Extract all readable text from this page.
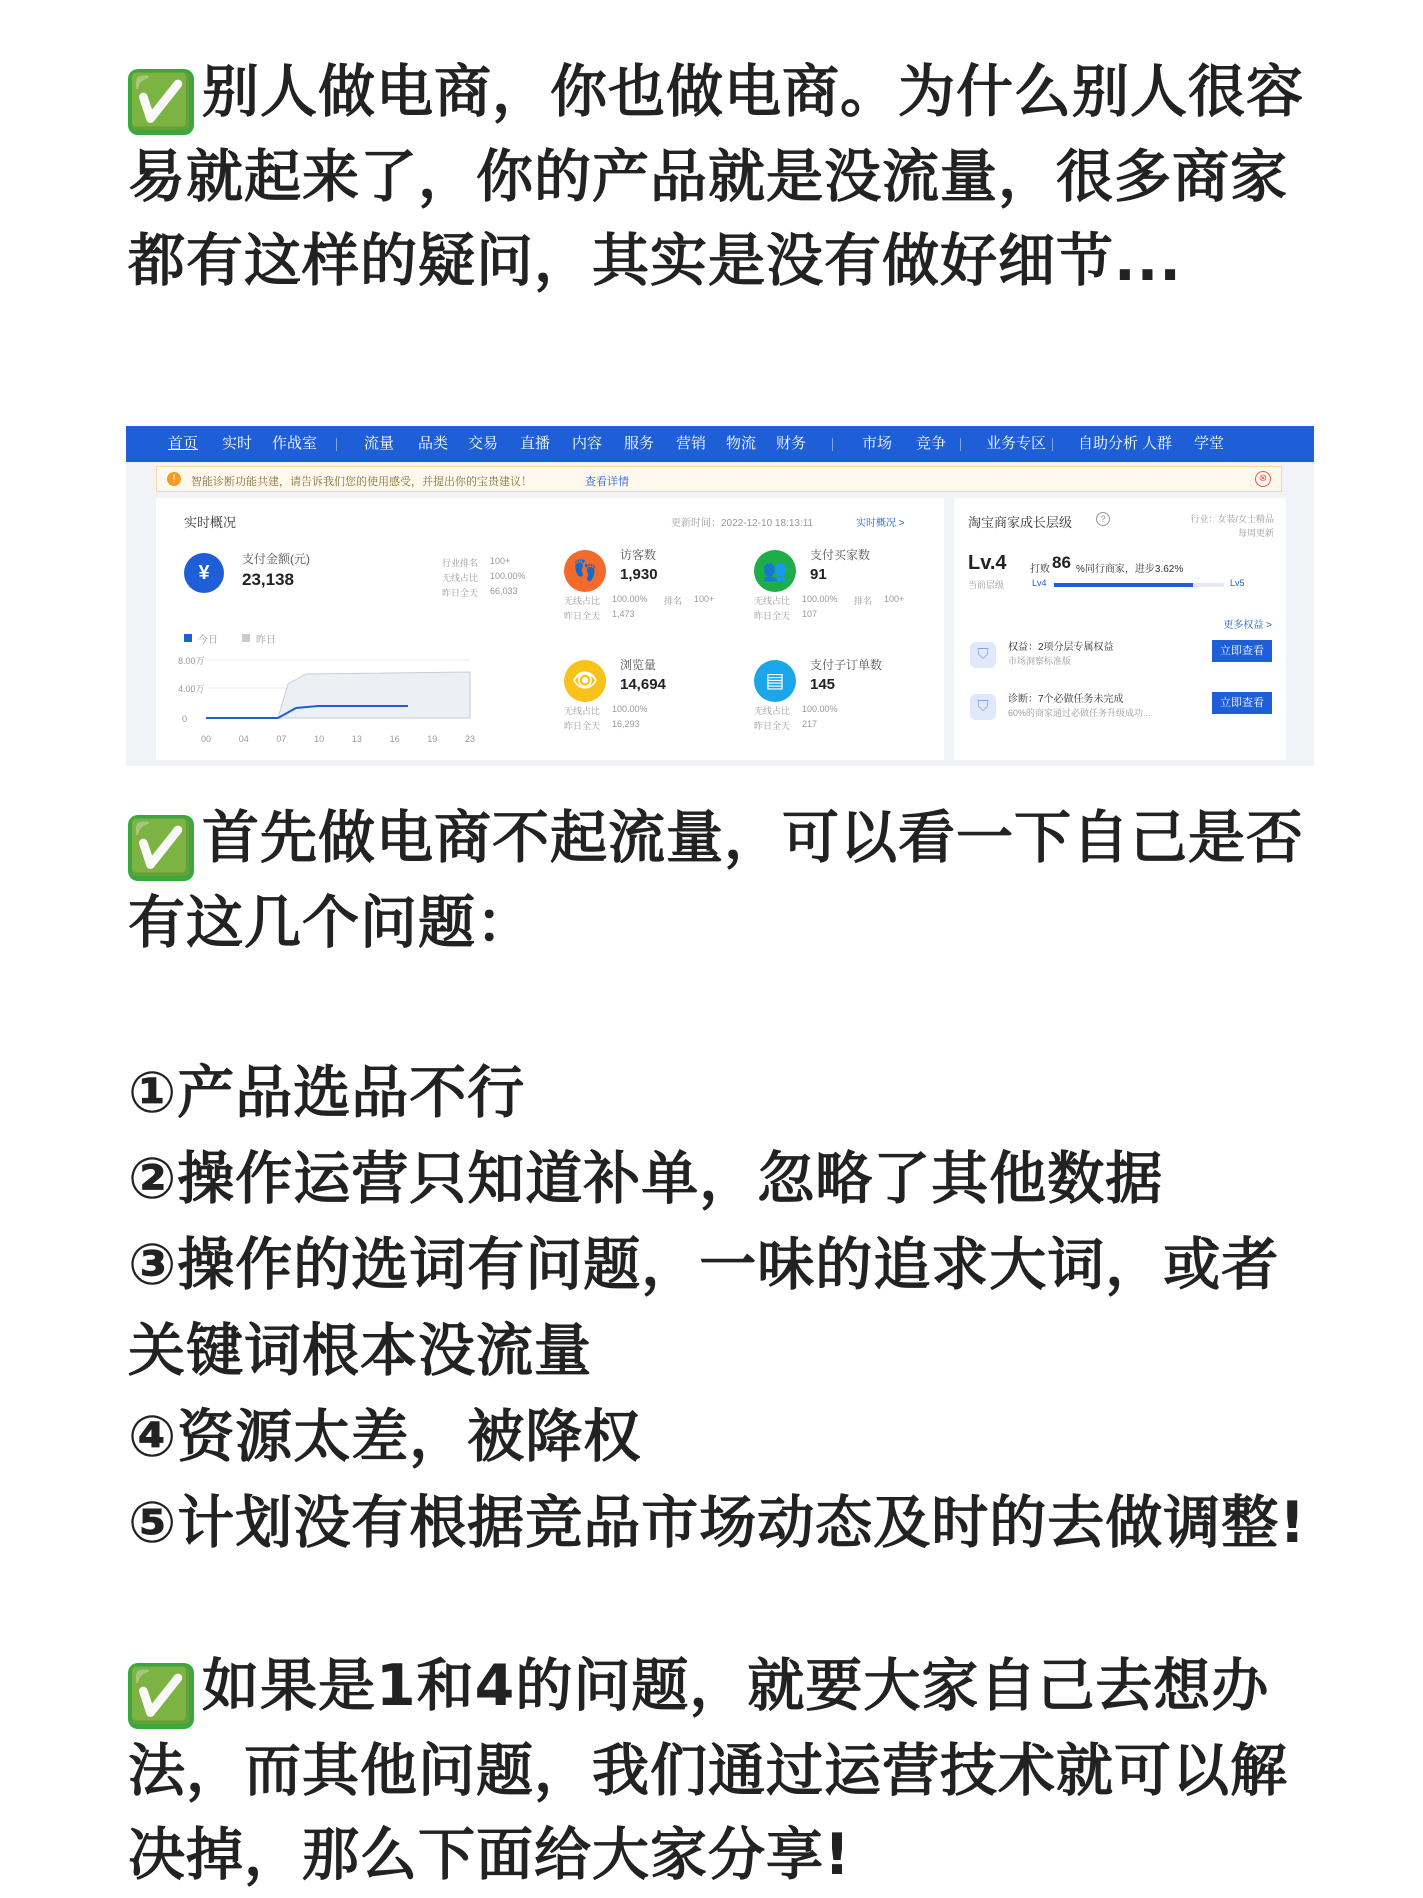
✅ 别人做电商，你也做电商。为什么别人很容易就起来了，你的产品就是没流量，很多商家都有这样的疑问，其实是没有做好细节...

首页 实时 作战室	流量 品类 交易 直播 内容 服务 营销 物流 财务	市场 竞争	业务专区 自助分析 人群 学堂
!	智能诊断功能共建，请告诉我们您的使用感受，并提出你的宝贵建议！	查看详情	⊗
实时概况	更新时间：2022-12-10 18:13:11	实时概况 >
¥
支付金额(元)
23,138
行业排名 100+
无线占比 100.00%
昨日全天 66,033
今日	昨日
8.00万
4.00万
0
00	04	07	10	13	16	19	23
👣
访客数
1,930
无线占比 100.00% 排名 100+
昨日全天 1,473
👥
支付买家数
91
无线占比 100.00% 排名 100+
昨日全天 107
👁
浏览量
14,694
无线占比 100.00%
昨日全天 16,293
▤
支付子订单数
145
无线占比 100.00%
昨日全天 217
淘宝商家成长层级	?	行业：女装/女士精品
每周更新
Lv.4
当前层级
打败 86 %同行商家，进步3.62%
Lv4	Lv5
更多权益 >
⛉	权益：2项分层专属权益
市场洞察标准版
立即查看
⛉	诊断：7个必做任务未完成
60%的商家通过必做任务升级成功...
立即查看

✅ 首先做电商不起流量，可以看一下自己是否有这几个问题：

①产品选品不行
②操作运营只知道补单，忽略了其他数据
③操作的选词有问题，一味的追求大词，或者关键词根本没流量
④资源太差，被降权
⑤计划没有根据竞品市场动态及时的去做调整!

✅ 如果是1和4的问题，就要大家自己去想办法，而其他问题，我们通过运营技术就可以解决掉，那么下面给大家分享!
